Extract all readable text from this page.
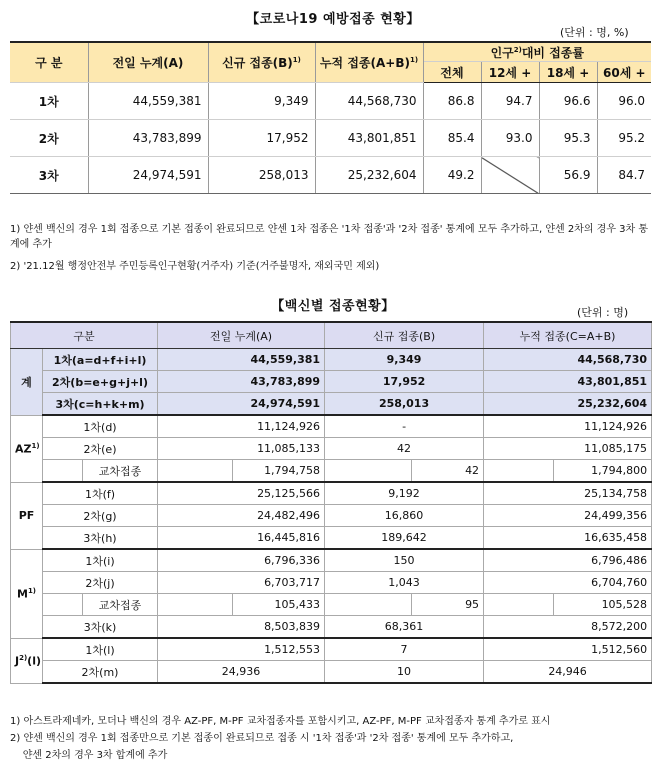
【코로나19 예방접종 현황】
(단위 : 명, %)
구 분	전일 누계(A)	신규 접종$(B)^{1)}$	누적 접종$(A+B)^{1)}$	인구$^{2)}$대비 접종률			
				전체	12세 +	18세 +	60세 +
1차	44,559,381	9,349	44,568,730	86.8	94.7	96.6	96.0
2차	43,783,899	17,952	43,801,851	85.4	93.0	95.3	95.2
3차	24,974,591	258,013	25,232,604	49.2		56.9	84.7
1) 얀센 백신의 경우 1회 접종으로 기본 접종이 완료되므로 얀센 1차 접종은 '1차 접종'과 '2차 접종' 통계에 모두 추가하고, 얀센 2차의 경우 3차 통계에 추가
2) '21.12월 행정안전부 주민등록인구현황(거주자) 기준(거주불명자, 재외국민 제외)
【백신별 접종현황】	(단위 : 명)
구분			전일 누계(A)		신규 접종(B)		누적 접종(C=A+B)	
계	1차(a=d+f+i+l)		44,559,381		9,349		44,568,730	
	2차(b=e+g+j+l)		43,783,899		17,952		43,801,851	
	3차(c=h+k+m)		24,974,591		258,013		25,232,604	
AZ$^{1)}$	1차(d)		11,124,926		-		11,124,926	
	2차(e)		11,085,133		42		11,085,175	
		교차접종		1,794,758		42		1,794,800
PF	1차(f)		25,125,566		9,192		25,134,758	
	2차(g)		24,482,496		16,860		24,499,356	
	3차(h)		16,445,816		189,642		16,635,458	
$M^{1)}$	1차(i)		6,796,336		150		6,796,486	
	2차(j)		6,703,717		1,043		6,704,760	
		교차접종		105,433		95		105,528
	3차(k)		8,503,839		68,361		8,572,200	
$J^{2)}(l)$	1차(l)		1,512,553		7		1,512,560	
	2차(m)		24,936		10		24,946	
1) 아스트라제네카, 모더나 백신의 경우 AZ-PF, M-PF 교차접종자를 포함시키고, AZ-PF, M-PF 교차접종자 통계 추가로 표시
2) 얀센 백신의 경우 1회 접종만으로 기본 접종이 완료되므로 접종 시 '1차 접종'과 '2차 접종' 통계에 모두 추가하고,
얀센 2차의 경우 3차 합계에 추가
